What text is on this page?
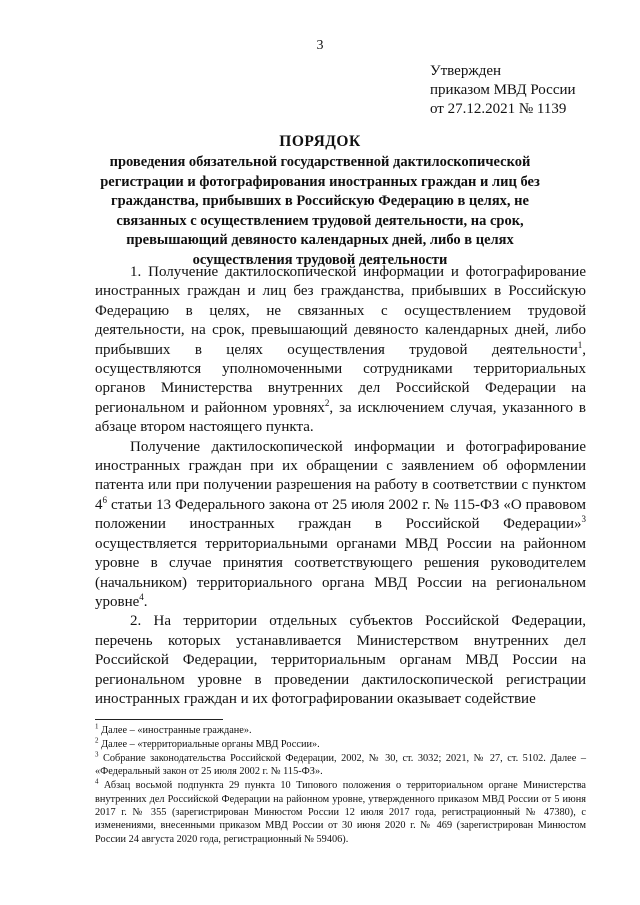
3
Утвержден
приказом МВД России
от 27.12.2021 № 1139
ПОРЯДОК
проведения обязательной государственной дактилоскопической регистрации и фотографирования иностранных граждан и лиц без гражданства, прибывших в Российскую Федерацию в целях, не связанных с осуществлением трудовой деятельности, на срок, превышающий девяносто календарных дней, либо в целях осуществления трудовой деятельности

1. Получение дактилоскопической информации и фотографирование иностранных граждан и лиц без гражданства, прибывших в Российскую Федерацию в целях, не связанных с осуществлением трудовой деятельности, на срок, превышающий девяносто календарных дней, либо прибывших в целях осуществления трудовой деятельности$^1$, осуществляются уполномоченными сотрудниками территориальных органов Министерства внутренних дел Российской Федерации на региональном и районном уровнях$^2$, за исключением случая, указанного в абзаце втором настоящего пункта.

Получение дактилоскопической информации и фотографирование иностранных граждан при их обращении с заявлением об оформлении патента или при получении разрешения на работу в соответствии с пунктом $4^6$ статьи 13 Федерального закона от 25 июля 2002 г. № 115-ФЗ «О правовом положении иностранных граждан в Российской Федерации»$^3$ осуществляется территориальными органами МВД России на районном уровне в случае принятия соответствующего решения руководителем (начальником) территориального органа МВД России на региональном уровне$^4$.

2. На территории отдельных субъектов Российской Федерации, перечень которых устанавливается Министерством внутренних дел Российской Федерации, территориальным органам МВД России на региональном уровне в проведении дактилоскопической регистрации иностранных граждан и их фотографировании оказывает содействие

$^1$ Далее – «иностранные граждане».
$^2$ Далее – «территориальные органы МВД России».
$^3$ Собрание законодательства Российской Федерации, 2002, № 30, ст. 3032; 2021, № 27, ст. 5102. Далее – «Федеральный закон от 25 июля 2002 г. № 115-ФЗ».
$^4$ Абзац восьмой подпункта 29 пункта 10 Типового положения о территориальном органе Министерства внутренних дел Российской Федерации на районном уровне, утвержденного приказом МВД России от 5 июня 2017 г. № 355 (зарегистрирован Минюстом России 12 июля 2017 года, регистрационный № 47380), с изменениями, внесенными приказом МВД России от 30 июня 2020 г. № 469 (зарегистрирован Минюстом России 24 августа 2020 года, регистрационный № 59406).
